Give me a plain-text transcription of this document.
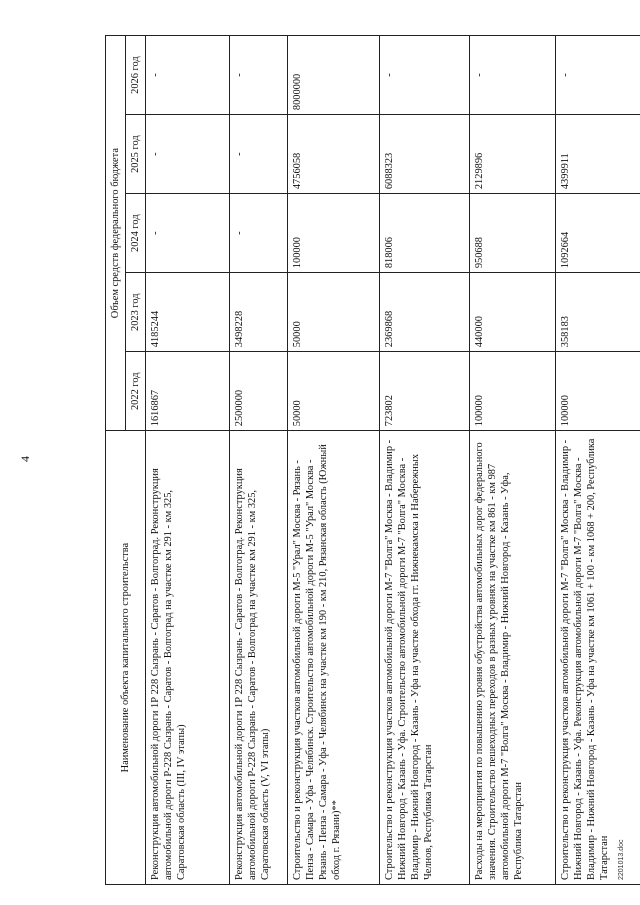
4
Наименование объекта капитального строительства	Объем средств федерального бюджета				
	2022 год	2023 год	2024 год	2025 год	2026 год
Реконструкция автомобильной дороги 1Р 228 Сызрань - Саратов - Волгоград. Реконструкция автомобильной дороги Р-228 Сызрань - Саратов - Волгоград на участке км 291 - км 325, Саратовская область (III, IV этапы)	1616867	4185244	-	-	-
Реконструкция автомобильной дороги 1Р 228 Сызрань - Саратов - Волгоград. Реконструкция автомобильной дороги Р-228 Сызрань - Саратов - Волгоград на участке км 291 - км 325, Саратовская область (V, VI этапы)	2500000	3498228	-	-	-
Строительство и реконструкция участков автомобильной дороги М-5 "Урал" Москва - Рязань - Пенза - Самара - Уфа - Челябинск. Строительство автомобильной дороги М-5 "Урал" Москва - Рязань - Пенза - Самара - Уфа - Челябинск на участке км 190 - км 210, Рязанская область (Южный обход г. Рязани)**	50000	50000	100000	4756058	8000000
Строительство и реконструкция участков автомобильной дороги М-7 "Волга" Москва - Владимир - Нижний Новгород - Казань - Уфа. Строительство автомобильной дороги М-7 "Волга" Москва - Владимир - Нижний Новгород - Казань - Уфа на участке обхода гг. Нижнекамска и Набережных Челнов, Республика Татарстан	723802	2369868	818006	6088323	-
Расходы на мероприятия по повышению уровня обустройства автомобильных дорог федерального значения. Строительство пешеходных переходов в разных уровнях на участке км 861 - км 987 автомобильной дороги М-7 "Волга" Москва - Владимир - Нижний Новгород - Казань - Уфа, Республика Татарстан	100000	440000	950688	2129896	-
Строительство и реконструкция участков автомобильной дороги М-7 "Волга" Москва - Владимир - Нижний Новгород - Казань - Уфа. Реконструкция автомобильной дороги М-7 "Волга" Москва - Владимир - Нижний Новгород - Казань - Уфа на участке км 1061 + 100 - км 1068 + 200, Республика Татарстан	100000	358183	1092664	4399911	-
2201013.doc
